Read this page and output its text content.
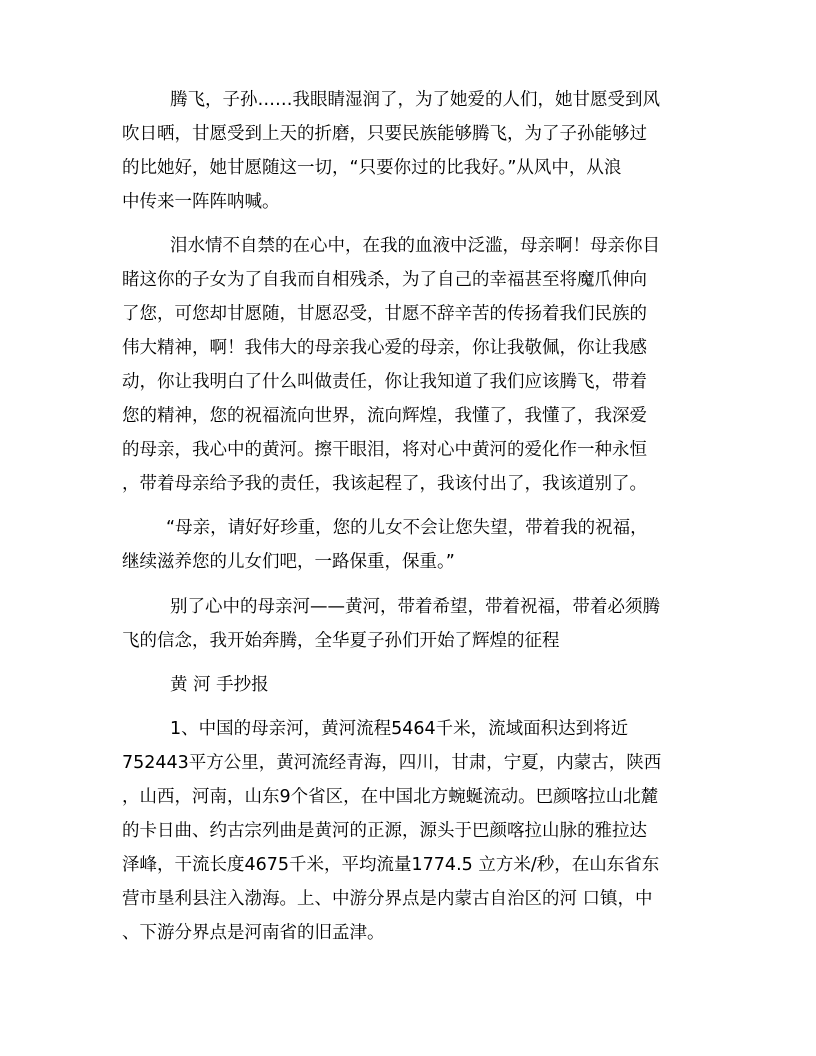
腾飞，子孙……我眼睛湿润了，为了她爱的人们，她甘愿受到风
吹日晒，甘愿受到上天的折磨，只要民族能够腾飞，为了子孙能够过
的比她好，她甘愿随这一切，“只要你过的比我好。”从风中，从浪
中传来一阵阵呐喊。
泪水情不自禁的在心中，在我的血液中泛滥，母亲啊！母亲你目
睹这你的子女为了自我而自相残杀，为了自己的幸福甚至将魔爪伸向
了您，可您却甘愿随，甘愿忍受，甘愿不辞辛苦的传扬着我们民族的
伟大精神，啊！我伟大的母亲我心爱的母亲，你让我敬佩，你让我感
动，你让我明白了什么叫做责任，你让我知道了我们应该腾飞，带着
您的精神，您的祝福流向世界，流向辉煌，我懂了，我懂了，我深爱
的母亲，我心中的黄河。擦干眼泪，将对心中黄河的爱化作一种永恒
，带着母亲给予我的责任，我该起程了，我该付出了，我该道别了。
“母亲，请好好珍重，您的儿女不会让您失望，带着我的祝福，
继续滋养您的儿女们吧，一路保重，保重。”
别了心中的母亲河——黄河，带着希望，带着祝福，带着必须腾
飞的信念，我开始奔腾，全华夏子孙们开始了辉煌的征程
黄 河 手抄报
1、中国的母亲河，黄河流程5464千米，流域面积达到将近
752443平方公里，黄河流经青海，四川，甘肃，宁夏，内蒙古，陕西
，山西，河南，山东9个省区，在中国北方蜿蜒流动。巴颜喀拉山北麓
的卡日曲、约古宗列曲是黄河的正源，源头于巴颜喀拉山脉的雅拉达
泽峰，干流长度4675千米，平均流量1774.5 立方米/秒，在山东省东
营市垦利县注入渤海。上、中游分界点是内蒙古自治区的河 口镇，中
、下游分界点是河南省的旧孟津。
